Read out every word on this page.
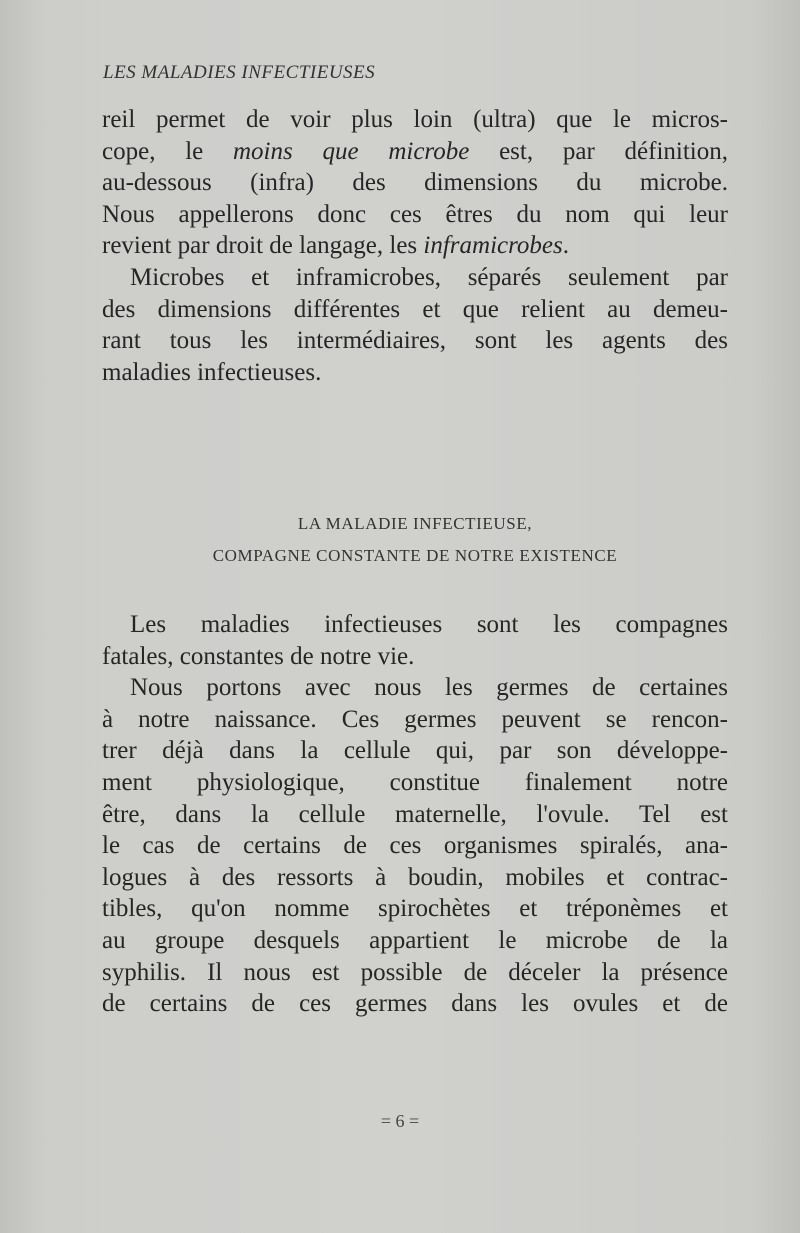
LES MALADIES INFECTIEUSES
reil permet de voir plus loin (ultra) que le micros-
cope, le moins que microbe est, par définition,
au-dessous (infra) des dimensions du microbe.
Nous appellerons donc ces êtres du nom qui leur
revient par droit de langage, les inframicrobes.
Microbes et inframicrobes, séparés seulement par
des dimensions différentes et que relient au demeu-
rant tous les intermédiaires, sont les agents des
maladies infectieuses.
LA MALADIE INFECTIEUSE,
COMPAGNE CONSTANTE DE NOTRE EXISTENCE
Les maladies infectieuses sont les compagnes
fatales, constantes de notre vie.
Nous portons avec nous les germes de certaines
à notre naissance. Ces germes peuvent se rencon-
trer déjà dans la cellule qui, par son développe-
ment physiologique, constitue finalement notre
être, dans la cellule maternelle, l'ovule. Tel est
le cas de certains de ces organismes spiralés, ana-
logues à des ressorts à boudin, mobiles et contrac-
tibles, qu'on nomme spirochètes et tréponèmes et
au groupe desquels appartient le microbe de la
syphilis. Il nous est possible de déceler la présence
de certains de ces germes dans les ovules et de
= 6 =
